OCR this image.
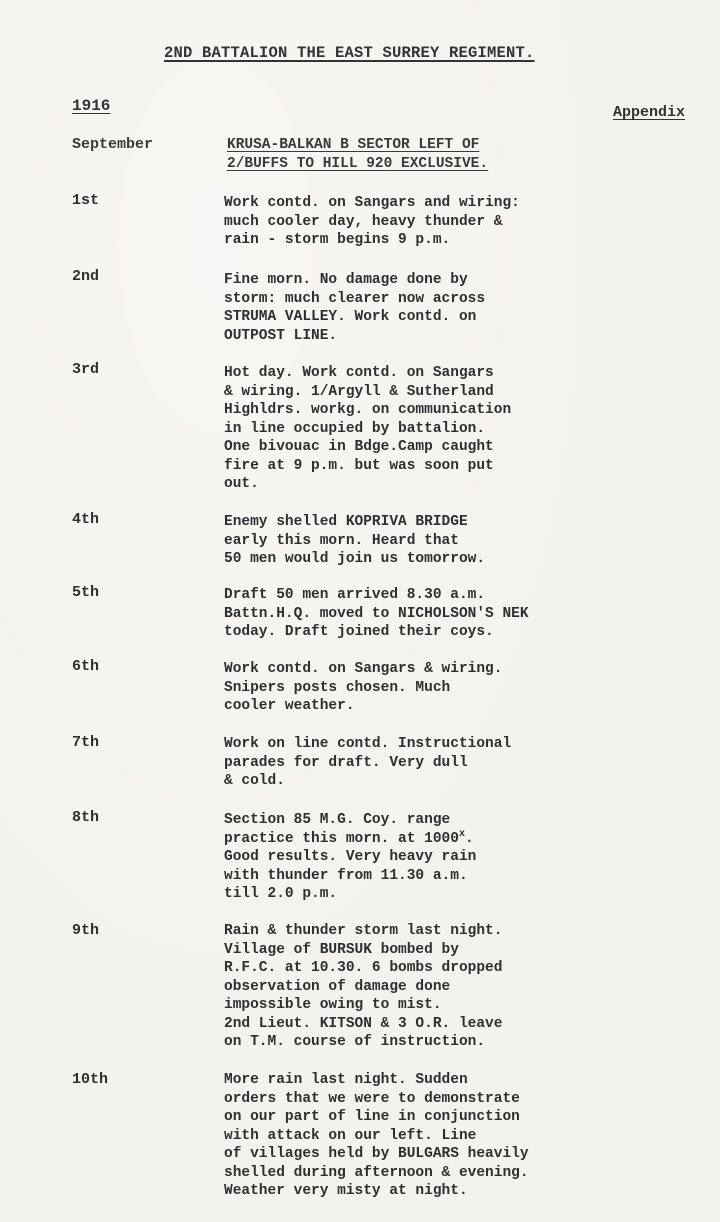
2ND BATTALION THE EAST SURREY REGIMENT.
1916	Appendix
September	KRUSA-BALKAN B SECTOR LEFT OF
2/BUFFS TO HILL 920 EXCLUSIVE.
1st	Work contd. on Sangars and wiring:
much cooler day, heavy thunder &
rain - storm begins 9 p.m.
2nd	Fine morn. No damage done by
storm: much clearer now across
STRUMA VALLEY. Work contd. on
OUTPOST LINE.
3rd	Hot day. Work contd. on Sangars
& wiring. 1/Argyll & Sutherland
Highldrs. workg. on communication
in line occupied by battalion.
One bivouac in Bdge.Camp caught
fire at 9 p.m. but was soon put
out.
4th	Enemy shelled KOPRIVA BRIDGE
early this morn. Heard that
50 men would join us tomorrow.
5th	Draft 50 men arrived 8.30 a.m.
Battn.H.Q. moved to NICHOLSON'S NEK
today. Draft joined their coys.
6th	Work contd. on Sangars & wiring.
Snipers posts chosen. Much
cooler weather.
7th	Work on line contd. Instructional
parades for draft. Very dull
& cold.
8th	Section 85 M.G. Coy. range
practice this morn. at 1000$^x$.
Good results. Very heavy rain
with thunder from 11.30 a.m.
till 2.0 p.m.
9th	Rain & thunder storm last night.
Village of BURSUK bombed by
R.F.C. at 10.30. 6 bombs dropped
observation of damage done
impossible owing to mist.
2nd Lieut. KITSON & 3 O.R. leave
on T.M. course of instruction.
10th	More rain last night. Sudden
orders that we were to demonstrate
on our part of line in conjunction
with attack on our left. Line
of villages held by BULGARS heavily
shelled during afternoon & evening.
Weather very misty at night.
